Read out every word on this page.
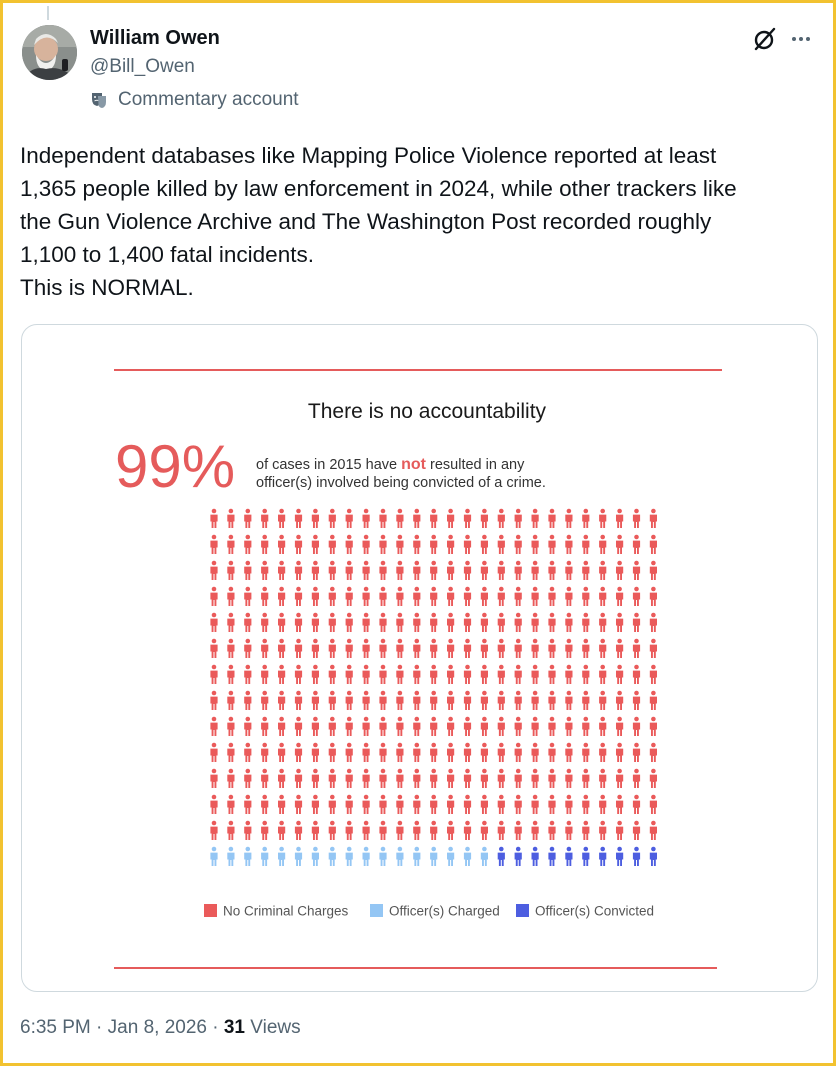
William Owen
@Bill_Owen
Commentary account
Independent databases like Mapping Police Violence reported at least
1,365 people killed by law enforcement in 2024, while other trackers like
the Gun Violence Archive and The Washington Post recorded roughly
1,100 to 1,400 fatal incidents.
This is NORMAL.
There is no accountability
99% of cases in 2015 have not resulted in any
officer(s) involved being convicted of a crime.
No Criminal Charges	Officer(s) Charged	Officer(s) Convicted
6:35 PM · Jan 8, 2026 · 31 Views
